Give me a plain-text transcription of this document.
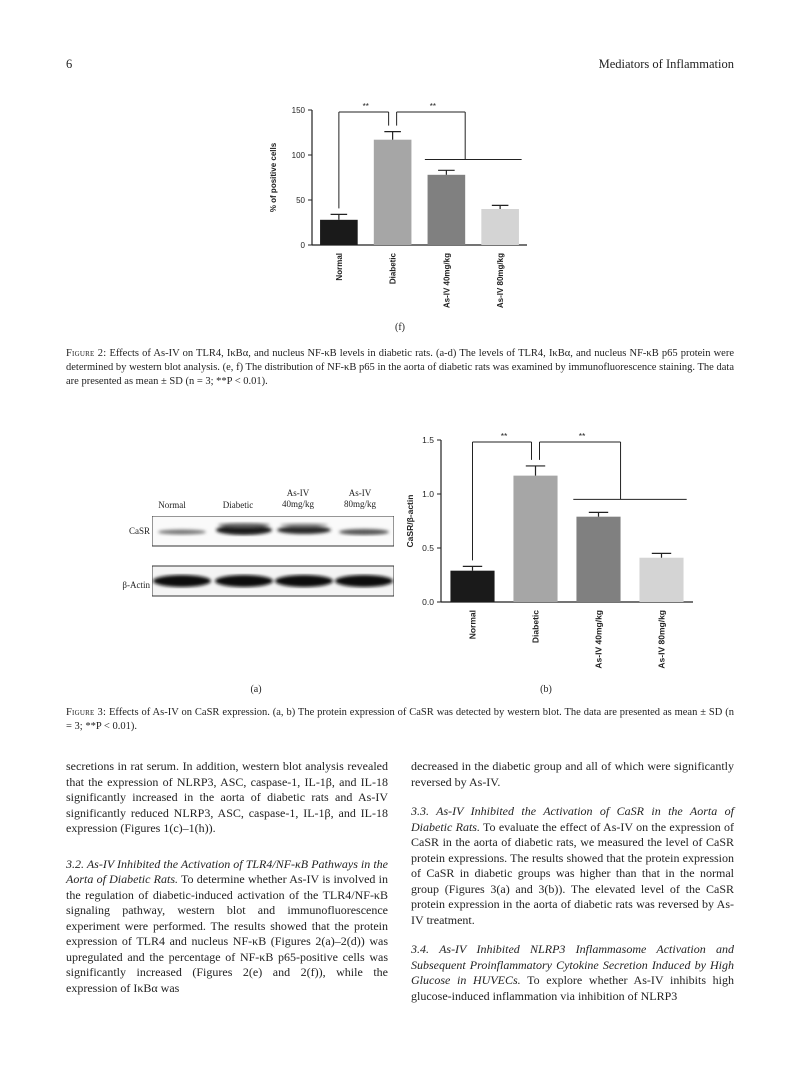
6	Mediators of Inflammation
0
50
100
150
% of positive cells
Normal	Diabetic	As-IV 40mg/kg	As-IV 80mg/kg
**	**
(f)
Figure 2: Effects of As-IV on TLR4, IκBα, and nucleus NF-κB levels in diabetic rats. (a-d) The levels of TLR4, IκBα, and nucleus NF-κB p65 protein were determined by western blot analysis. (e, f) The distribution of NF-κB p65 in the aorta of diabetic rats was examined by immunofluorescence staining. The data are presented as mean ± SD (n = 3; **P < 0.01).
Normal	Diabetic
As-IV
40mg/kg
As-IV
80mg/kg
CaSR
β-Actin
(a)
0.0
0.5
1.0
1.5
CaSR/β-actin
Normal	Diabetic	As-IV 40mg/kg	As-IV 80mg/kg
**	**
(b)
Figure 3: Effects of As-IV on CaSR expression. (a, b) The protein expression of CaSR was detected by western blot. The data are presented as mean ± SD (n = 3; **P < 0.01).

secretions in rat serum. In addition, western blot analysis revealed that the expression of NLRP3, ASC, caspase-1, IL-1β, and IL-18 significantly increased in the aorta of diabetic rats and As-IV significantly reduced NLRP3, ASC, caspase-1, IL-1β, and IL-18 expression (Figures 1(c)–1(h)).

3.2. As-IV Inhibited the Activation of TLR4/NF-κB Pathways in the Aorta of Diabetic Rats. To determine whether As-IV is involved in the regulation of diabetic-induced activation of the TLR4/NF-κB signaling pathway, western blot and immunofluorescence experiment were performed. The results showed that the protein expression of TLR4 and nucleus NF-κB (Figures 2(a)–2(d)) was upregulated and the percentage of NF-κB p65-positive cells was significantly increased (Figures 2(e) and 2(f)), while the expression of IκBα was

decreased in the diabetic group and all of which were significantly reversed by As-IV.

3.3. As-IV Inhibited the Activation of CaSR in the Aorta of Diabetic Rats. To evaluate the effect of As-IV on the expression of CaSR in the aorta of diabetic rats, we measured the level of CaSR protein expressions. The results showed that the protein expression of CaSR in diabetic groups was higher than that in the normal group (Figures 3(a) and 3(b)). The elevated level of the CaSR protein expression in the aorta of diabetic rats was reversed by As-IV treatment.

3.4. As-IV Inhibited NLRP3 Inflammasome Activation and Subsequent Proinflammatory Cytokine Secretion Induced by High Glucose in HUVECs. To explore whether As-IV inhibits high glucose-induced inflammation via inhibition of NLRP3
